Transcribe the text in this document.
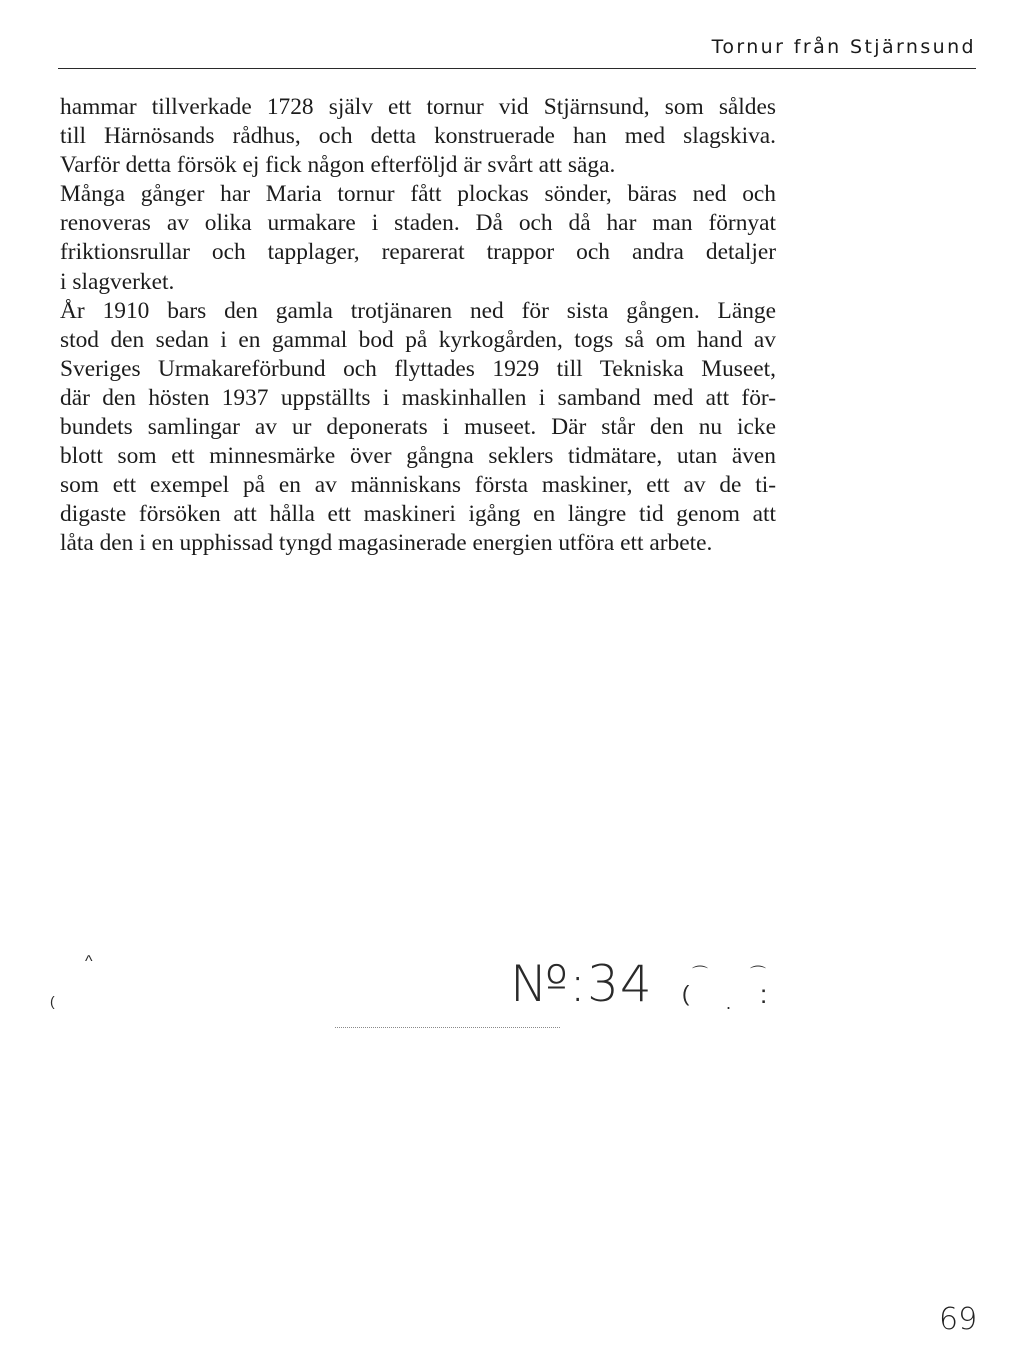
Tornur från Stjärnsund
hammar tillverkade 1728 själv ett tornur vid Stjärnsund, som såldes
till Härnösands rådhus, och detta konstruerade han med slagskiva.
Varför detta försök ej fick någon efterföljd är svårt att säga.
Många gånger har Maria tornur fått plockas sönder, bäras ned och
renoveras av olika urmakare i staden. Då och då har man förnyat
friktionsrullar och tapplager, reparerat trappor och andra detaljer
i slagverket.
År 1910 bars den gamla trotjänaren ned för sista gången. Länge
stod den sedan i en gammal bod på kyrkogården, togs så om hand av
Sveriges Urmakareförbund och flyttades 1929 till Tekniska Museet,
där den hösten 1937 uppställts i maskinhallen i samband med att för-
bundets samlingar av ur deponerats i museet. Där står den nu icke
blott som ett minnesmärke över gångna seklers tidmätare, utan även
som ett exempel på en av människans första maskiner, ett av de ti-
digaste försöken att hålla ett maskineri igång en längre tid genom att
låta den i en upphissad tyngd magasinerade energien utföra ett arbete.
(
^	№:34 (
⌒	⌒
:
.
69
